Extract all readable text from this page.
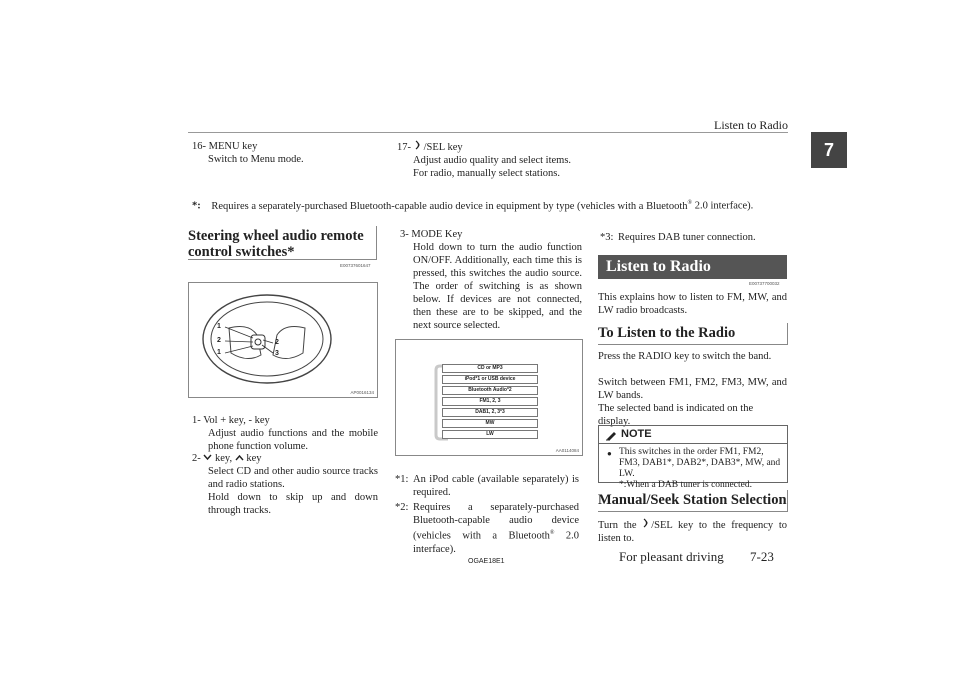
Listen to Radio
7
16- MENU key
Switch to Menu mode.
17- /SEL key
Adjust audio quality and select items.
For radio, manually select stations.
*: Requires a separately-purchased Bluetooth-capable audio device in equipment by type (vehicles with a Bluetooth® 2.0 interface).
Steering wheel audio remote control switches*
E00737601647
1
2
1
2
3
AP0016134
1- Vol + key, - key
Adjust audio functions and the mobile phone function volume.
2-  key,  key
Select CD and other audio source tracks and radio stations.
Hold down to skip up and down through tracks.
3- MODE Key
Hold down to turn the audio function ON/OFF. Additionally, each time this is pressed, this switches the audio source. The order of switching is as shown below. If devices are not connected, then these are to be skipped, and the next source selected.
CD or MP3
iPod*1 or USB device
Bluetooth Audio*2
FM1, 2, 3
DAB1, 2, 3*3
MW
LW
AA0114084
*1: An iPod cable (available separately) is required.
*2: Requires a separately-purchased Bluetooth-capable audio device (vehicles with a Bluetooth® 2.0 interface).
OGAE18E1
*3: Requires DAB tuner connection.
Listen to Radio
E00737700032
This explains how to listen to FM, MW, and LW radio broadcasts.
To Listen to the Radio
Press the RADIO key to switch the band.
Switch between FM1, FM2, FM3, MW, and LW bands.
The selected band is indicated on the display.
NOTE
● This switches in the order FM1, FM2, FM3, DAB1*, DAB2*, DAB3*, MW, and LW.
*:When a DAB tuner is connected.
Manual/Seek Station Selection
Turn the /SEL key to the frequency to listen to.
For pleasant driving 7-23
